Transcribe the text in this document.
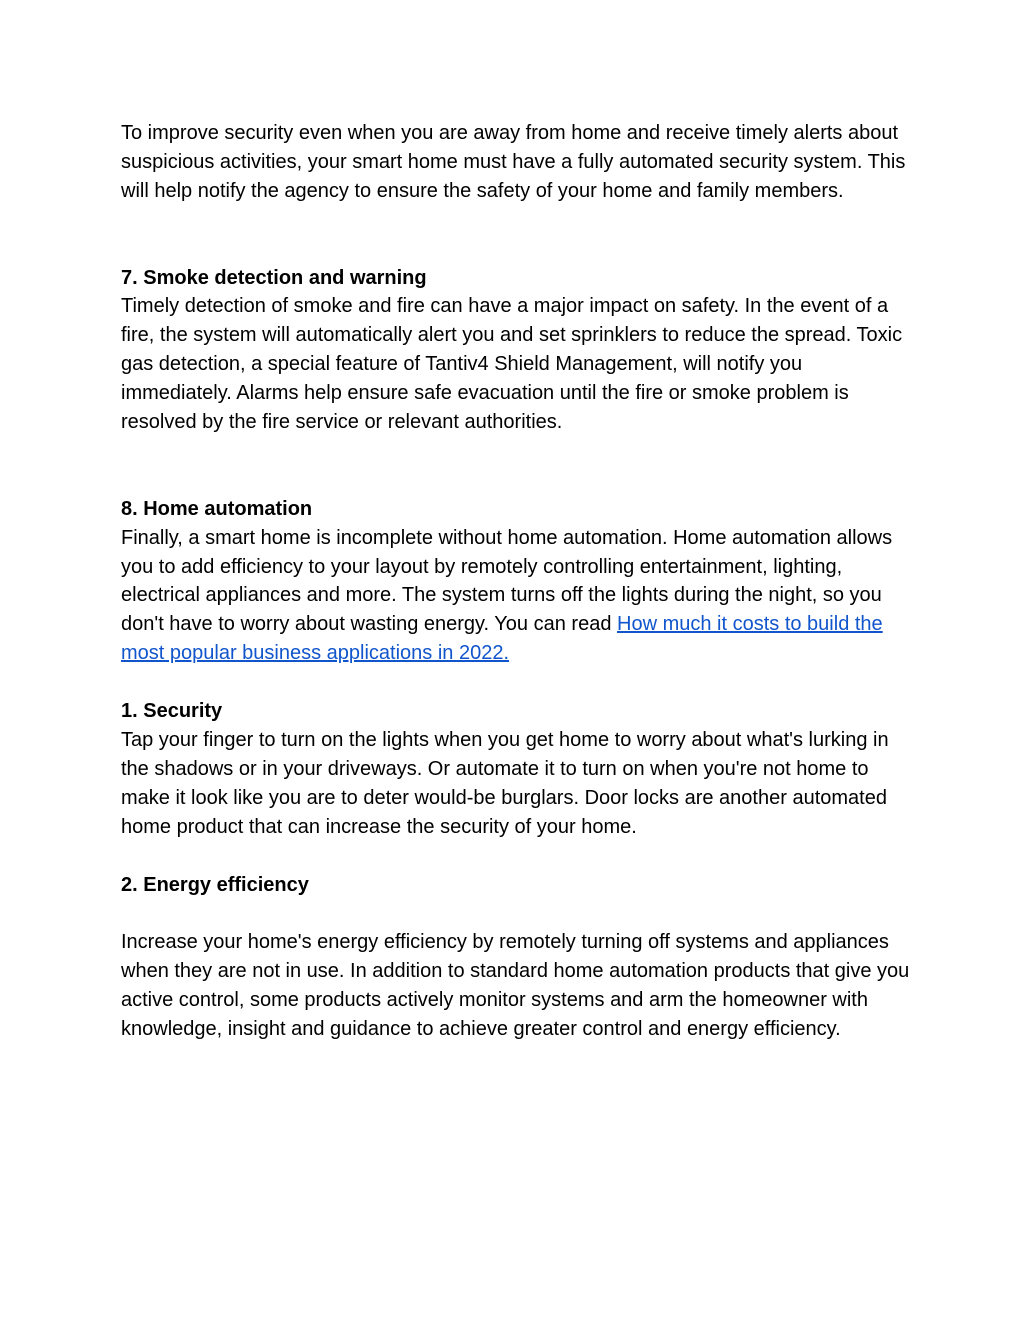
To improve security even when you are away from home and receive timely alerts about suspicious activities, your smart home must have a fully automated security system. This will help notify the agency to ensure the safety of your home and family members.

7. Smoke detection and warning

Timely detection of smoke and fire can have a major impact on safety. In the event of a fire, the system will automatically alert you and set sprinklers to reduce the spread. Toxic gas detection, a special feature of Tantiv4 Shield Management, will notify you immediately. Alarms help ensure safe evacuation until the fire or smoke problem is resolved by the fire service or relevant authorities.

8. Home automation

Finally, a smart home is incomplete without home automation. Home automation allows you to add efficiency to your layout by remotely controlling entertainment, lighting, electrical appliances and more. The system turns off the lights during the night, so you don't have to worry about wasting energy. You can read How much it costs to build the most popular business applications in 2022.

1. Security

Tap your finger to turn on the lights when you get home to worry about what's lurking in the shadows or in your driveways. Or automate it to turn on when you're not home to make it look like you are to deter would-be burglars. Door locks are another automated home product that can increase the security of your home.

2. Energy efficiency

Increase your home's energy efficiency by remotely turning off systems and appliances when they are not in use. In addition to standard home automation products that give you active control, some products actively monitor systems and arm the homeowner with knowledge, insight and guidance to achieve greater control and energy efficiency.
